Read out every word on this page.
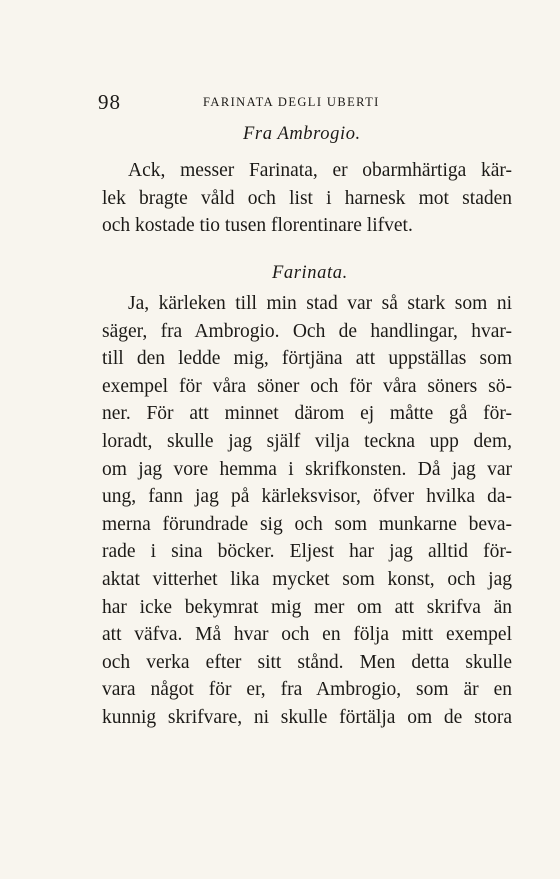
98	FARINATA DEGLI UBERTI
Fra Ambrogio.
Ack, messer Farinata, er obarmhärtiga kär-
lek bragte våld och list i harnesk mot staden
och kostade tio tusen florentinare lifvet.
Farinata.
Ja, kärleken till min stad var så stark som ni
säger, fra Ambrogio. Och de handlingar, hvar-
till den ledde mig, förtjäna att uppställas som
exempel för våra söner och för våra söners sö-
ner. För att minnet därom ej måtte gå för-
loradt, skulle jag själf vilja teckna upp dem,
om jag vore hemma i skrifkonsten. Då jag var
ung, fann jag på kärleksvisor, öfver hvilka da-
merna förundrade sig och som munkarne beva-
rade i sina böcker. Eljest har jag alltid för-
aktat vitterhet lika mycket som konst, och jag
har icke bekymrat mig mer om att skrifva än
att väfva. Må hvar och en följa mitt exempel
och verka efter sitt stånd. Men detta skulle
vara något för er, fra Ambrogio, som är en
kunnig skrifvare, ni skulle förtälja om de stora
